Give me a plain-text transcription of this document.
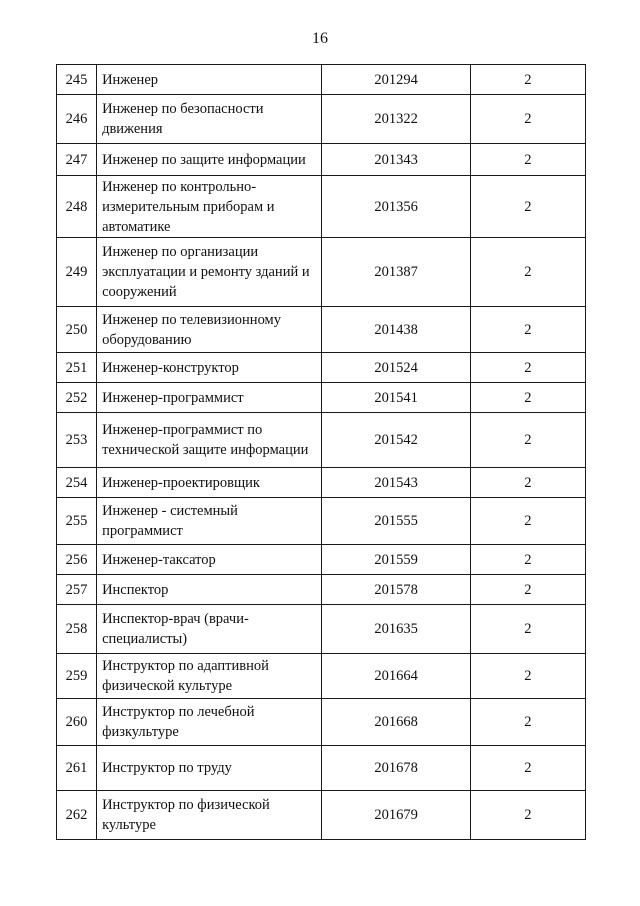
16
245	Инженер	201294	2
246	Инженер по безопасности движения	201322	2
247	Инженер по защите информации	201343	2
248	Инженер по контрольно-измерительным приборам и автоматике	201356	2
249	Инженер по организации эксплуатации и ремонту зданий и сооружений	201387	2
250	Инженер по телевизионному оборудованию	201438	2
251	Инженер-конструктор	201524	2
252	Инженер-программист	201541	2
253	Инженер-программист по технической защите информации	201542	2
254	Инженер-проектировщик	201543	2
255	Инженер - системный программист	201555	2
256	Инженер-таксатор	201559	2
257	Инспектор	201578	2
258	Инспектор-врач (врачи-специалисты)	201635	2
259	Инструктор по адаптивной физической культуре	201664	2
260	Инструктор по лечебной физкультуре	201668	2
261	Инструктор по труду	201678	2
262	Инструктор по физической культуре	201679	2
